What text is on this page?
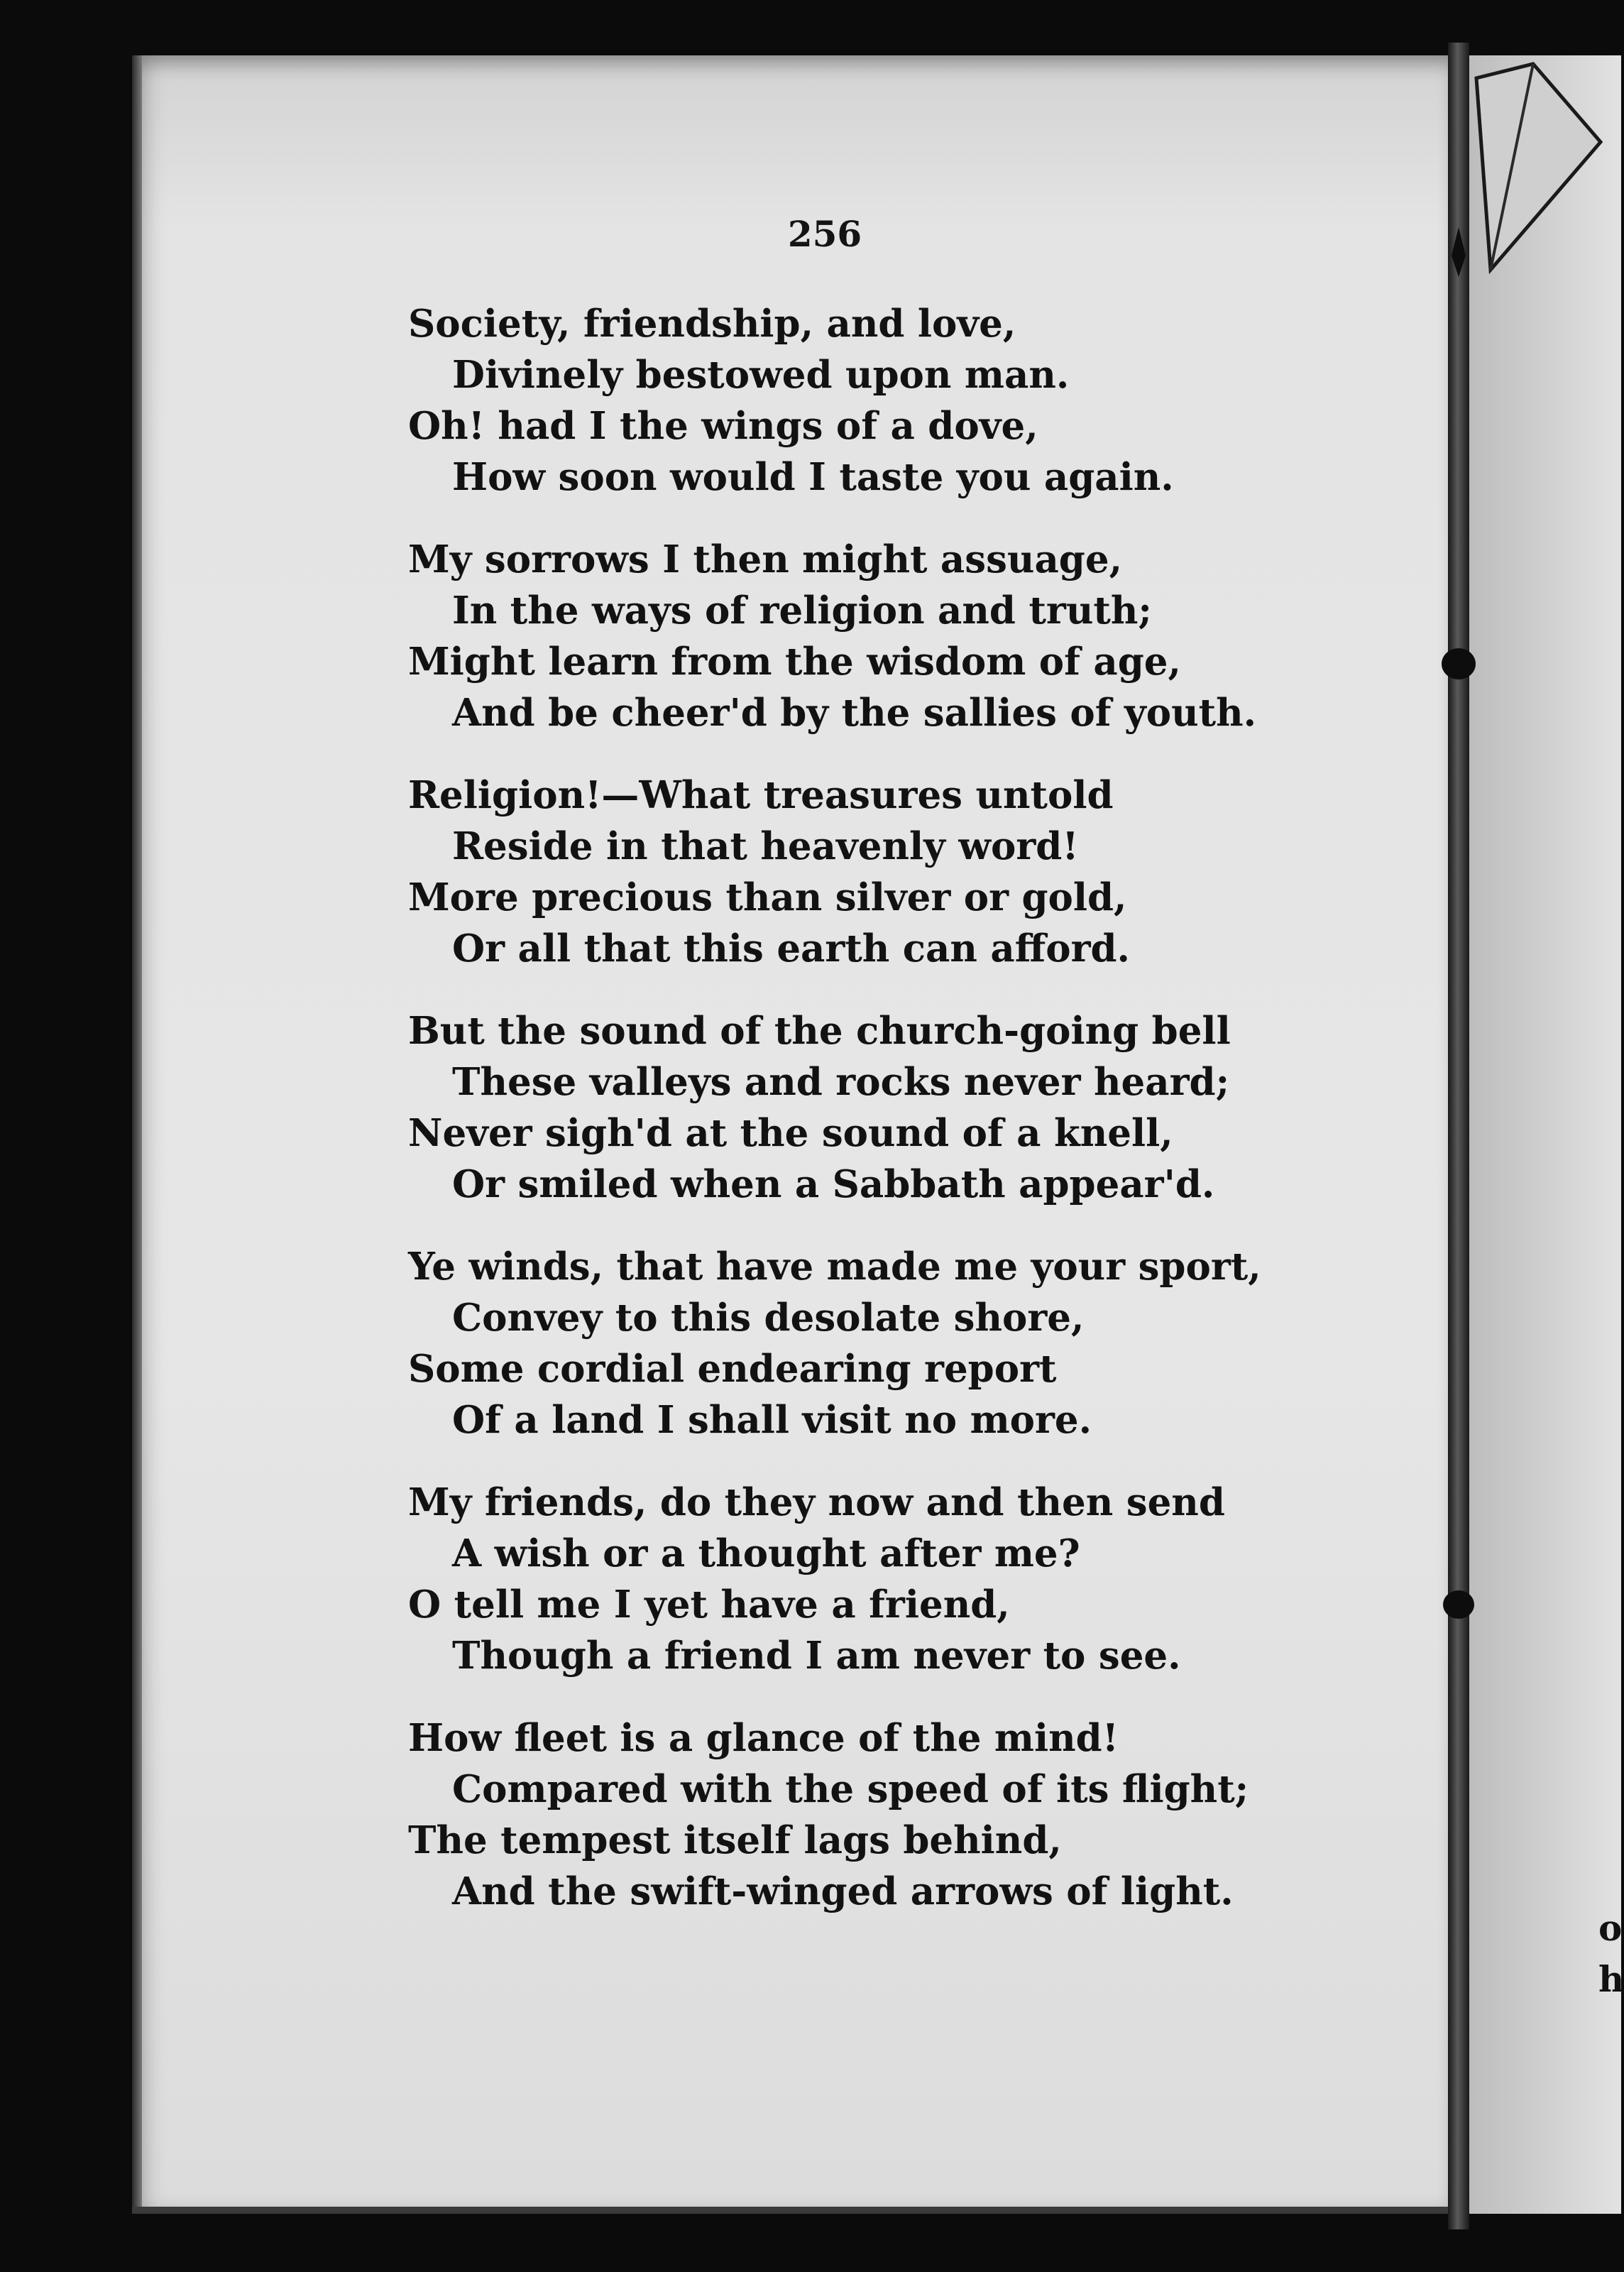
o
h
256
Society, friendship, and love,
Divinely bestowed upon man.
Oh! had I the wings of a dove,
How soon would I taste you again.
My sorrows I then might assuage,
In the ways of religion and truth;
Might learn from the wisdom of age,
And be cheer'd by the sallies of youth.
Religion!—What treasures untold
Reside in that heavenly word!
More precious than silver or gold,
Or all that this earth can afford.
But the sound of the church-going bell
These valleys and rocks never heard;
Never sigh'd at the sound of a knell,
Or smiled when a Sabbath appear'd.
Ye winds, that have made me your sport,
Convey to this desolate shore,
Some cordial endearing report
Of a land I shall visit no more.
My friends, do they now and then send
A wish or a thought after me?
O tell me I yet have a friend,
Though a friend I am never to see.
How fleet is a glance of the mind!
Compared with the speed of its flight;
The tempest itself lags behind,
And the swift-winged arrows of light.
